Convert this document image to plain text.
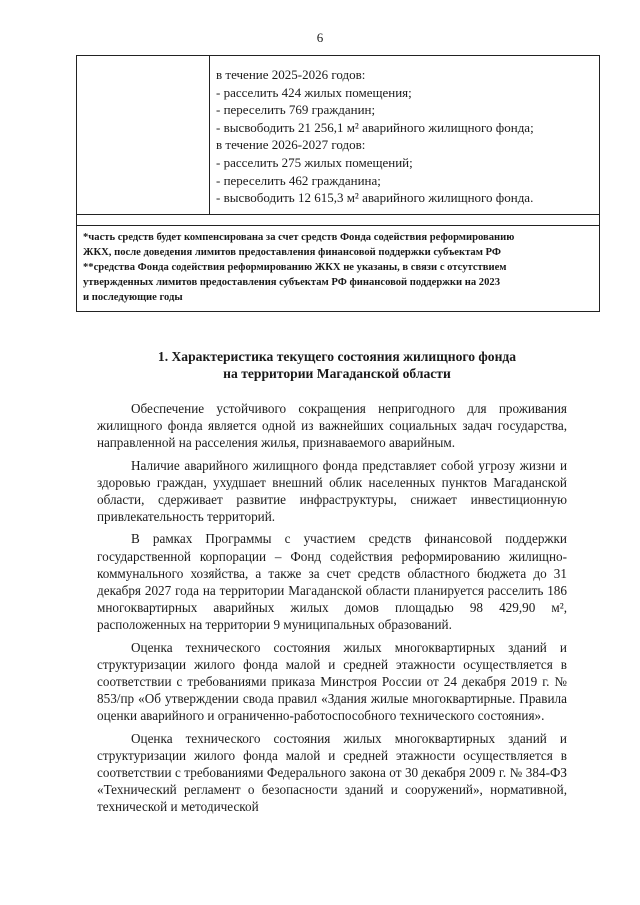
6
в течение 2025-2026 годов:
- расселить 424 жилых помещения;
- переселить 769 гражданин;
- высвободить 21 256,1 м² аварийного жилищного фонда;
в течение 2026-2027 годов:
- расселить 275 жилых помещений;
- переселить 462 гражданина;
- высвободить 12 615,3 м² аварийного жилищного фонда.
*часть средств будет компенсирована за счет средств Фонда содействия реформированию
ЖКХ, после доведения лимитов предоставления финансовой поддержки субъектам РФ
**средства Фонда содействия реформированию ЖКХ не указаны, в связи с отсутствием
утвержденных лимитов предоставления субъектам РФ финансовой поддержки на 2023
и последующие годы
1. Характеристика текущего состояния жилищного фонда
на территории Магаданской области

Обеспечение устойчивого сокращения непригодного для проживания жилищного фонда является одной из важнейших социальных задач государства, направленной на расселения жилья, признаваемого аварийным.

Наличие аварийного жилищного фонда представляет собой угрозу жизни и здоровью граждан, ухудшает внешний облик населенных пунктов Магаданской области, сдерживает развитие инфраструктуры, снижает инвестиционную привлекательность территорий.

В рамках Программы с участием средств финансовой поддержки государственной корпорации – Фонд содействия реформированию жилищно-коммунального хозяйства, а также за счет средств областного бюджета до 31 декабря 2027 года на территории Магаданской области планируется расселить 186 многоквартирных аварийных жилых домов площадью 98 429,90 м², расположенных на территории 9 муниципальных образований.

Оценка технического состояния жилых многоквартирных зданий и структуризации жилого фонда малой и средней этажности осуществляется в соответствии с требованиями приказа Минстроя России от 24 декабря 2019 г. № 853/пр «Об утверждении свода правил «Здания жилые многоквартирные. Правила оценки аварийного и ограниченно-работоспособного технического состояния».

Оценка технического состояния жилых многоквартирных зданий и структуризации жилого фонда малой и средней этажности осуществляется в соответствии с требованиями Федерального закона от 30 декабря 2009 г. № 384-ФЗ «Технический регламент о безопасности зданий и сооружений», нормативной, технической и методической
